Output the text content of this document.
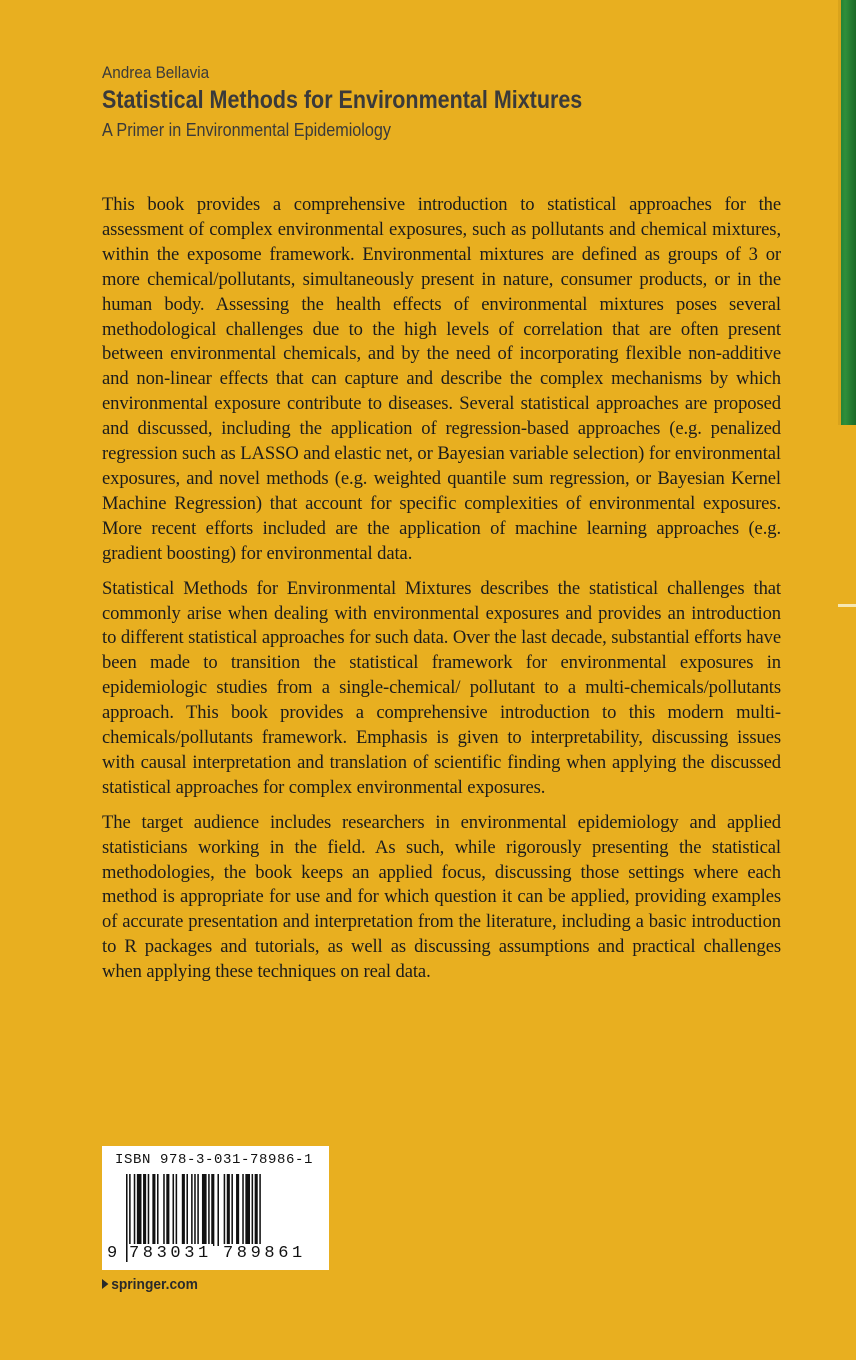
Andrea Bellavia

Statistical Methods for Environmental Mixtures

A Primer in Environmental Epidemiology

This book provides a comprehensive introduction to statistical approaches for the assessment of complex environmental exposures, such as pollutants and chemical mixtures, within the exposome framework. Environmental mixtures are defined as groups of 3 or more chemical/pollutants, simultaneously present in nature, consumer products, or in the human body. Assessing the health effects of environmental mixtures poses several methodological challenges due to the high levels of correlation that are often present between environmental chemicals, and by the need of incorporating flexible non-additive and non-linear effects that can capture and describe the complex mechanisms by which environmental exposure contribute to diseases. Several statistical approaches are proposed and discussed, including the application of regression-based approaches (e.g. penalized regression such as LASSO and elastic net, or Bayesian variable selection) for environmental exposures, and novel methods (e.g. weighted quantile sum regression, or Bayesian Kernel Machine Regression) that account for specific complexities of environmental exposures. More recent efforts included are the application of machine learning approaches (e.g. gradient boosting) for environmental data.

Statistical Methods for Environmental Mixtures describes the statistical challenges that commonly arise when dealing with environmental exposures and provides an introduction to different statistical approaches for such data. Over the last decade, substantial efforts have been made to transition the statistical framework for environmental exposures in epidemiologic studies from a single-chemical/ pollutant to a multi-chemicals/pollutants approach. This book provides a comprehensive introduction to this modern multi-chemicals/pollutants framework. Emphasis is given to interpretability, discussing issues with causal interpretation and translation of scientific finding when applying the discussed statistical approaches for complex environmental exposures.

The target audience includes researchers in environmental epidemiology and applied statisticians working in the field. As such, while rigorously presenting the statistical methodologies, the book keeps an applied focus, discussing those settings where each method is appropriate for use and for which question it can be applied, providing examples of accurate presentation and interpretation from the literature, including a basic introduction to R packages and tutorials, as well as discussing assumptions and practical challenges when applying these techniques on real data.

ISBN 978-3-031-78986-1
9 783031 789861
springer.com
